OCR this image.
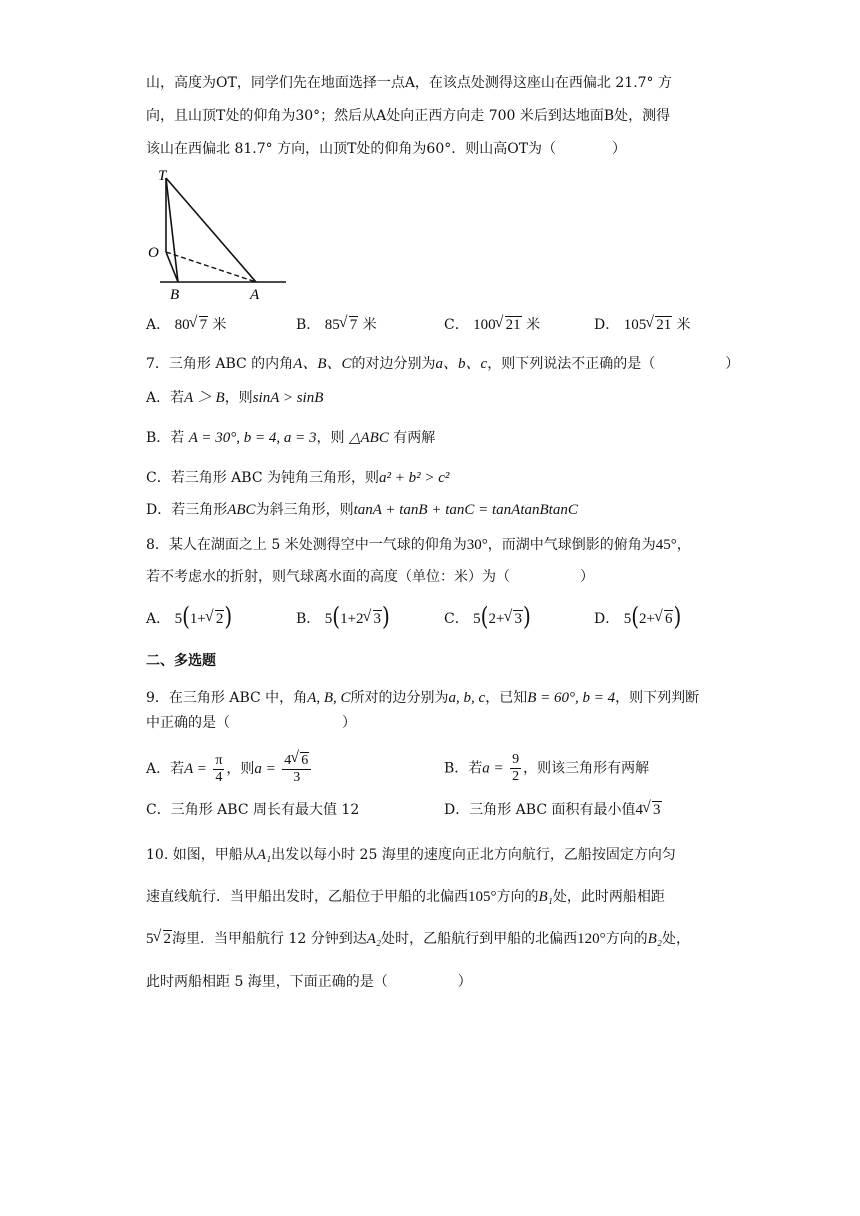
山，高度为OT，同学们先在地面选择一点A，在该点处测得这座山在西偏北 21.7° 方
向，且山顶T处的仰角为30°；然后从A处向正西方向走 700 米后到达地面B处，测得
该山在西偏北 81.7° 方向，山顶T处的仰角为60°．则山高OT为（　　　　）
T
O
B	A
A． 80 √ 7 米	B． 85 √ 7 米	C． 100 √ 21 米	D． 105 √ 21 米
7．三角形 ABC 的内角A、B、C的对边分别为a、b、c，则下列说法不正确的是（　　　　　）
A．若A ＞ B，则sinA > sinB
B．若 A = 30°, b = 4, a = 3，则 △ABC 有两解
C．若三角形 ABC 为钝角三角形，则a² + b² > c²
D．若三角形ABC为斜三角形，则tanA + tanB + tanC = tanAtanBtanC
8．某人在湖面之上 5 米处测得空中一气球的仰角为30°，而湖中气球倒影的俯角为45°，
若不考虑水的折射，则气球离水面的高度（单位：米）为（　　　　　）
A． 5(1+ √ 2)	B． 5(1+2 √ 3)	C． 5(2+ √ 3)	D． 5(2+ √ 6)
二、多选题
9．在三角形 ABC 中，角A, B, C所对的边分别为a, b, c，已知B = 60°, b = 4，则下列判断
中正确的是（　　　　　　　　）
A．若$A = \frac{\pi}{4}$ ，则$a = \frac{4 √ 6}{3}$	B．若$a = \frac{9}{2}$ ，则该三角形有两解
C．三角形 ABC 周长有最大值 12	D．三角形 ABC 面积有最小值4 √ 3
10. 如图，甲船从A₁出发以每小时 25 海里的速度向正北方向航行，乙船按固定方向匀
速直线航行．当甲船出发时，乙船位于甲船的北偏西105°方向的B₁处，此时两船相距
5 √ 2海里．当甲船航行 12 分钟到达A₂处时，乙船航行到甲船的北偏西120°方向的B₂处，
此时两船相距 5 海里，下面正确的是（　　　　　）
